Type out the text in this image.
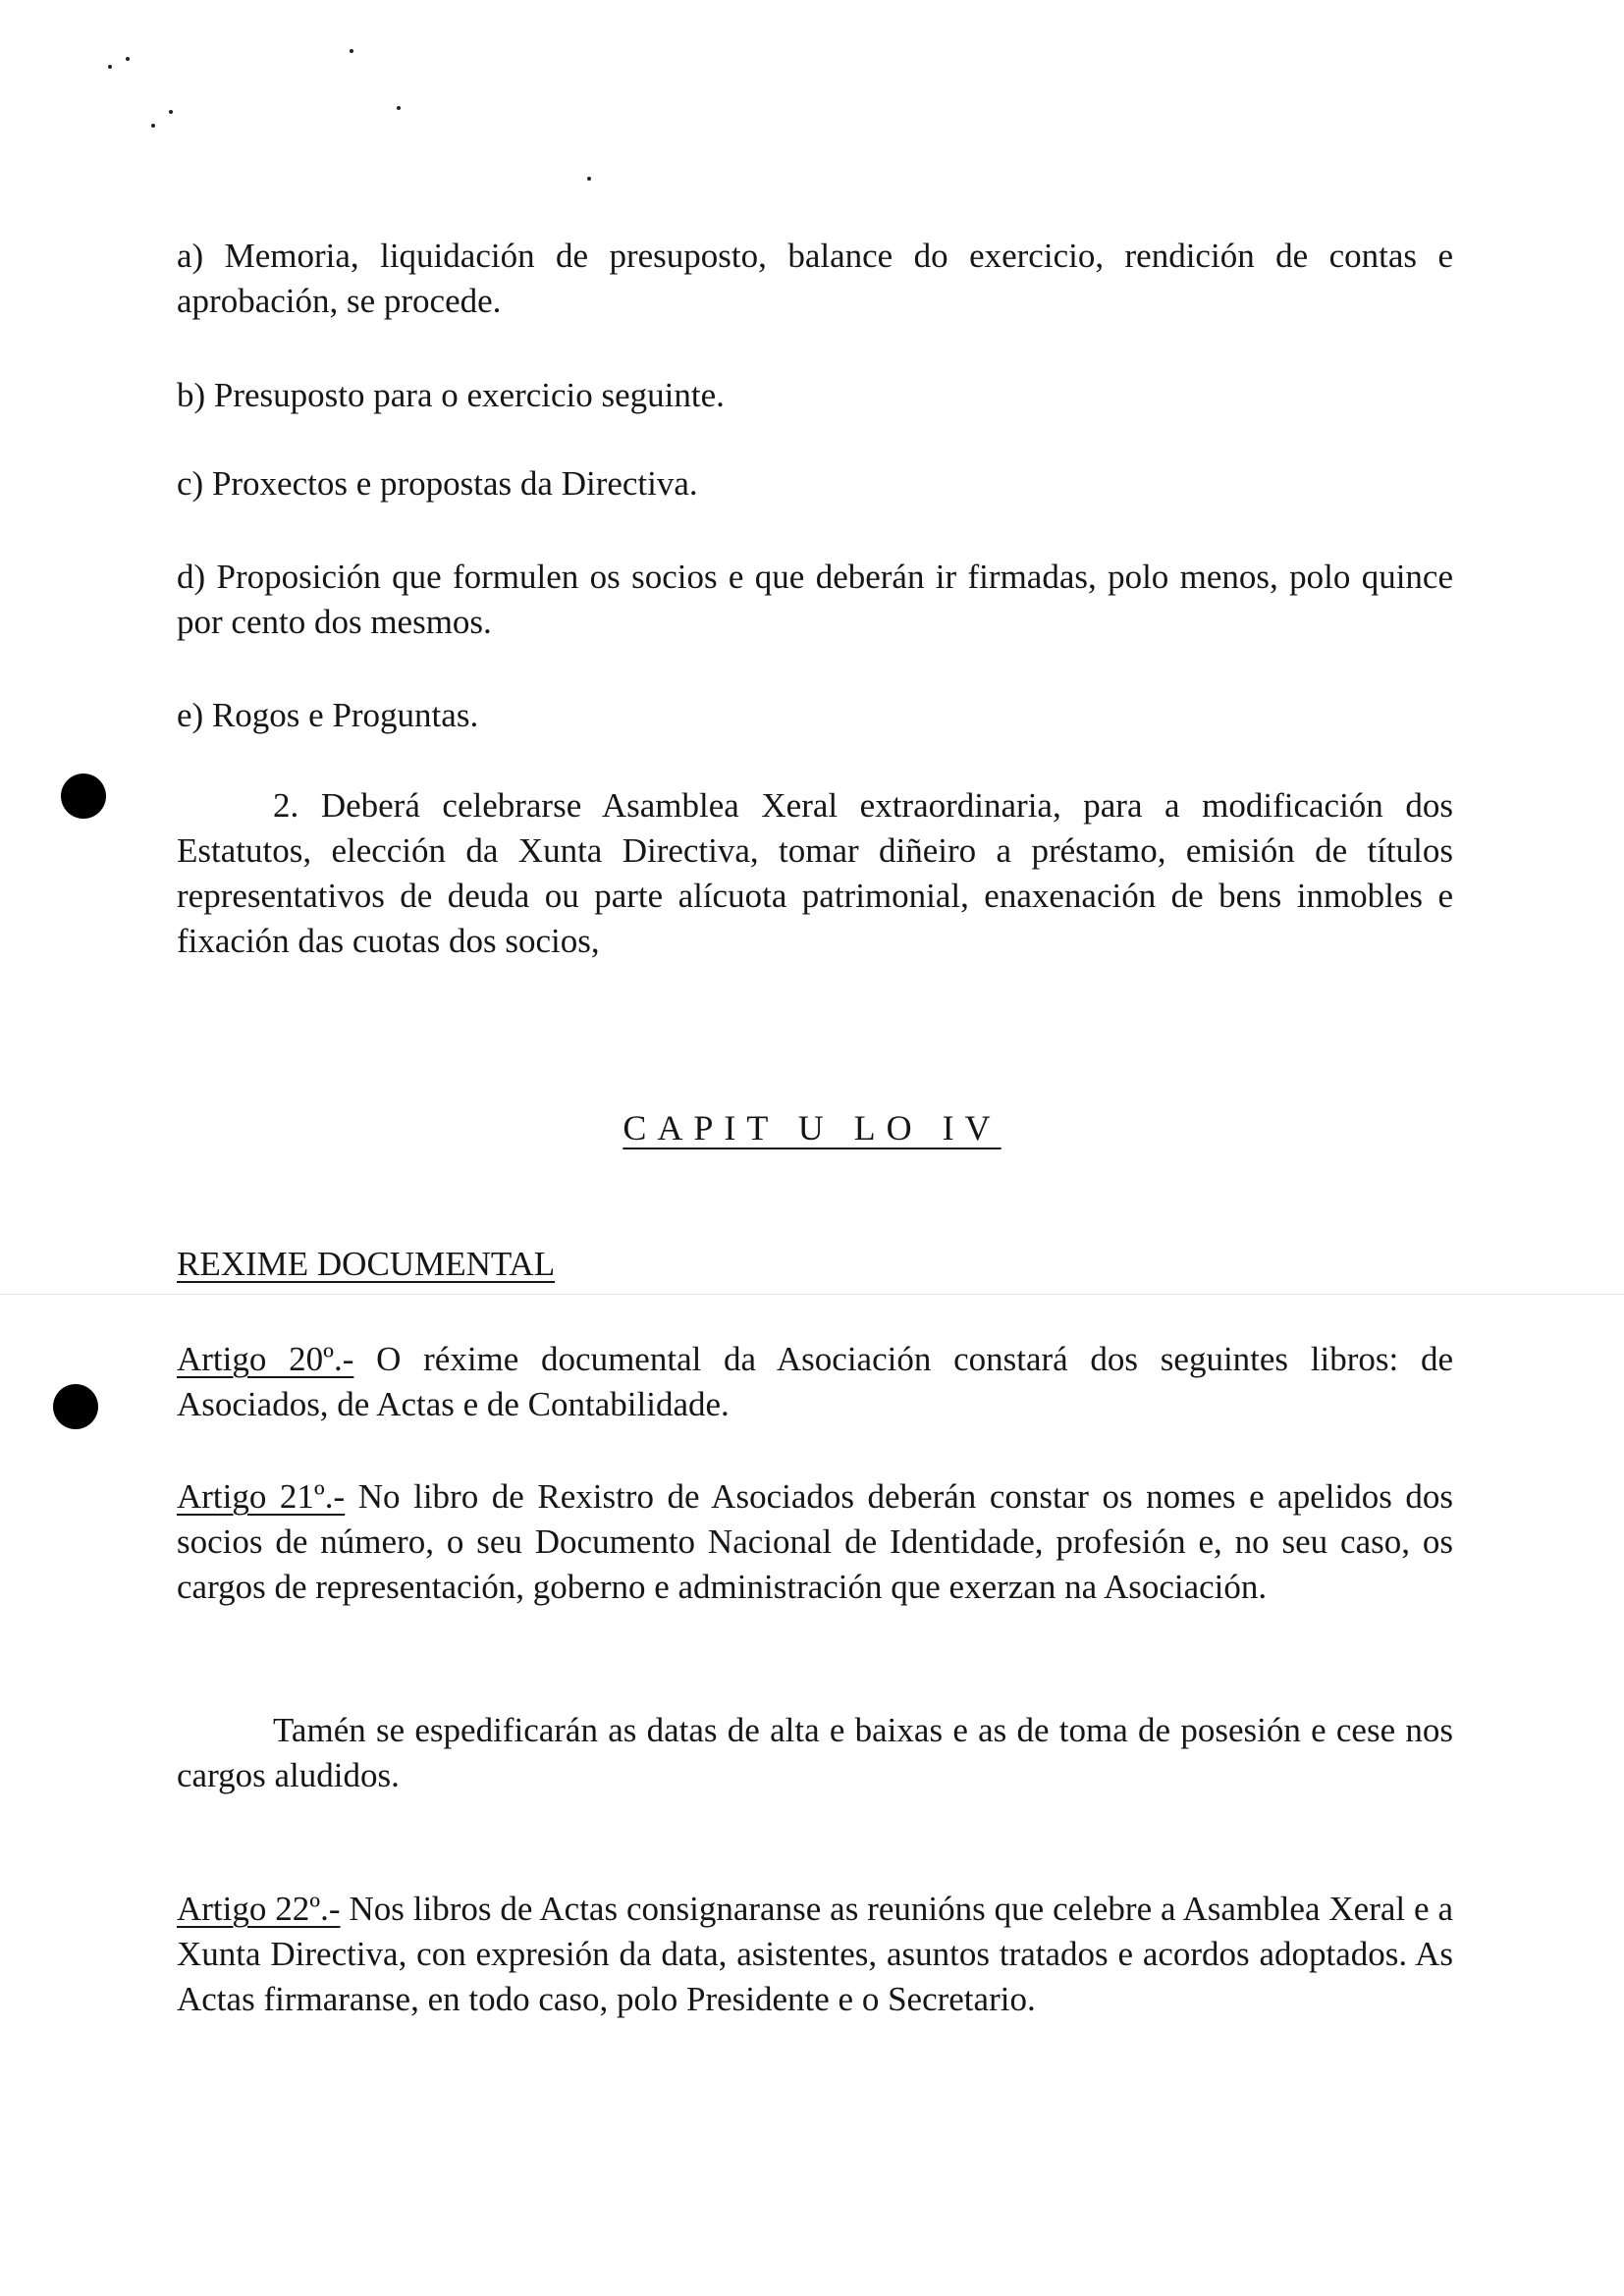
a) Memoria, liquidación de presuposto, balance do exercicio, rendición de contas e aprobación, se procede.
b) Presuposto para o exercicio seguinte.
c) Proxectos e propostas da Directiva.
d) Proposición que formulen os socios e que deberán ir firmadas, polo menos, polo quince por cento dos mesmos.
e) Rogos e Proguntas.
2. Deberá celebrarse Asamblea Xeral extraordinaria, para a modificación dos Estatutos, elección da Xunta Directiva, tomar diñeiro a préstamo, emisión de títulos representativos de deuda ou parte alícuota patrimonial, enaxenación de bens inmobles e fixación das cuotas dos socios,
CAPIT U LO IV
REXIME DOCUMENTAL
Artigo 20º.- O réxime documental da Asociación constará dos seguintes libros: de Asociados, de Actas e de Contabilidade.
Artigo 21º.- No libro de Rexistro de Asociados deberán constar os nomes e apelidos dos socios de número, o seu Documento Nacional de Identidade, profesión e, no seu caso, os cargos de representación, goberno e administración que exerzan na Asociación.
Tamén se espedificarán as datas de alta e baixas e as de toma de posesión e cese nos cargos aludidos.
Artigo 22º.- Nos libros de Actas consignaranse as reunións que celebre a Asamblea Xeral e a Xunta Directiva, con expresión da data, asistentes, asuntos tratados e acordos adoptados. As Actas firmaranse, en todo caso, polo Presidente e o Secretario.
